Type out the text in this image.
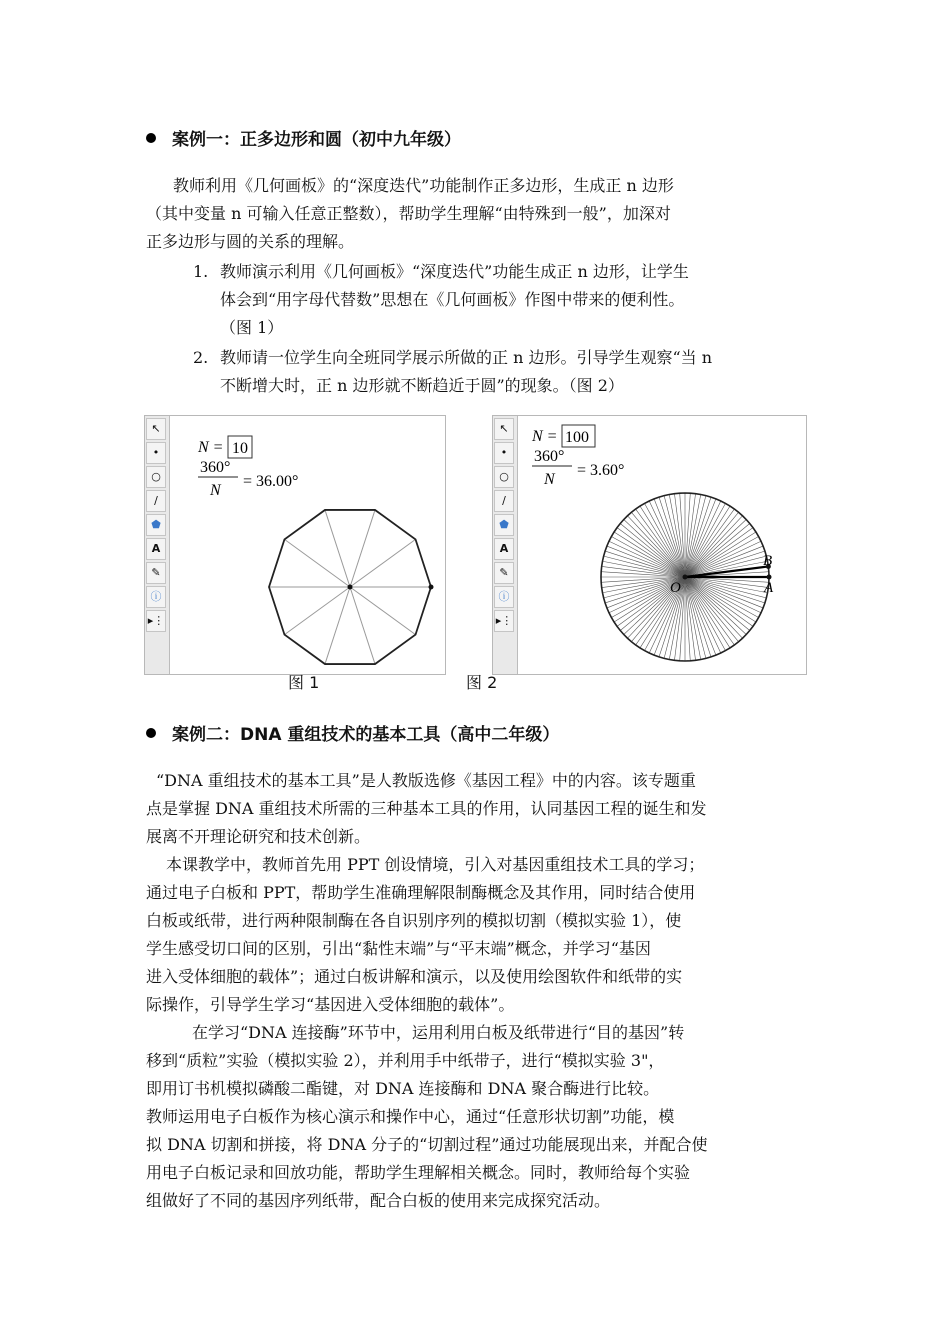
案例一：正多边形和圆（初中九年级）
教师利用《几何画板》的“深度迭代”功能制作正多边形，生成正 n 边形
（其中变量 n 可输入任意正整数），帮助学生理解“由特殊到一般”，加深对
正多边形与圆的关系的理解。
1. 教师演示利用《几何画板》“深度迭代”功能生成正 n 边形，让学生
体会到“用字母代替数”思想在《几何画板》作图中带来的便利性。
（图 1）
2. 教师请一位学生向全班同学展示所做的正 n 边形。引导学生观察“当 n
不断增大时，正 n 边形就不断趋近于圆”的现象。（图 2）
↖
•
○
∕
⬟
A
✎
ⓘ
▸⋮
N = 10
360°
N
= 36.00°
↖
•
○
∕
⬟
A
✎
ⓘ
▸⋮
N = 100
360°
N
= 3.60°
B
O	A
图 1	图 2
案例二：DNA 重组技术的基本工具（高中二年级）
“DNA 重组技术的基本工具”是人教版选修《基因工程》中的内容。该专题重
点是掌握 DNA 重组技术所需的三种基本工具的作用，认同基因工程的诞生和发
展离不开理论研究和技术创新。
本课教学中，教师首先用 PPT 创设情境，引入对基因重组技术工具的学习；
通过电子白板和 PPT，帮助学生准确理解限制酶概念及其作用，同时结合使用
白板或纸带，进行两种限制酶在各自识别序列的模拟切割（模拟实验 1），使
学生感受切口间的区别，引出“黏性末端”与“平末端”概念，并学习“基因
进入受体细胞的载体”；通过白板讲解和演示，以及使用绘图软件和纸带的实
际操作，引导学生学习“基因进入受体细胞的载体”。
在学习“DNA 连接酶”环节中，运用利用白板及纸带进行“目的基因”转
移到“质粒”实验（模拟实验 2），并利用手中纸带子，进行“模拟实验 3"，
即用订书机模拟磷酸二酯键，对 DNA 连接酶和 DNA 聚合酶进行比较。
教师运用电子白板作为核心演示和操作中心，通过“任意形状切割”功能，模
拟 DNA 切割和拼接，将 DNA 分子的“切割过程”通过功能展现出来，并配合使
用电子白板记录和回放功能，帮助学生理解相关概念。同时，教师给每个实验
组做好了不同的基因序列纸带，配合白板的使用来完成探究活动。
